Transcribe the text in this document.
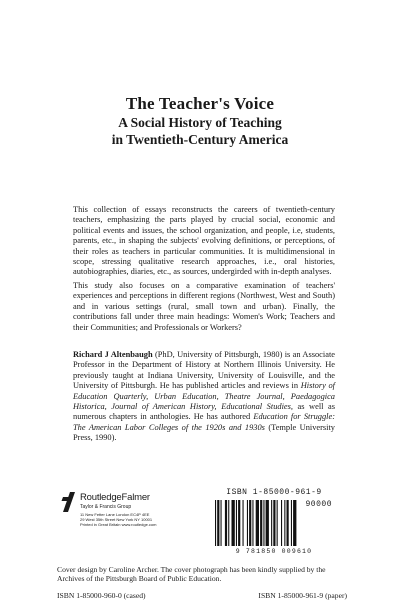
The Teacher's Voice
A Social History of Teaching
in Twentieth-Century America

This collection of essays reconstructs the careers of twentieth-century teachers, emphasizing the parts played by crucial social, economic and political events and issues, the school organization, and people, i.e, students, parents, etc., in shaping the subjects' evolving definitions, or perceptions, of their roles as teachers in particular communities. It is multidimensional in scope, stressing qualitative research approaches, i.e., oral histories, autobiographies, diaries, etc., as sources, undergirded with in-depth analyses.

This study also focuses on a comparative examination of teachers' experiences and perceptions in different regions (Northwest, West and South) and in various settings (rural, small town and urban). Finally, the contributions fall under three main headings: Women's Work; Teachers and their Communities; and Professionals or Workers?

Richard J Altenbaugh (PhD, University of Pittsburgh, 1980) is an Associate Professor in the Department of History at Northern Illinois University. He previously taught at Indiana University, University of Louisville, and the University of Pittsburgh. He has published articles and reviews in History of Education Quarterly, Urban Education, Theatre Journal, Paedagogica Historica, Journal of American History, Educational Studies, as well as numerous chapters in anthologies. He has authored Education for Struggle: The American Labor Colleges of the 1920s and 1930s (Temple University Press, 1990).

RoutledgeFalmer
Taylor & Francis Group
11 New Fetter Lane London EC4P 4EE
29 West 35th Street New York NY 10001
Printed in Great Britain www.routledge.com
ISBN 1-85000-961-9
90000
9 781850 009610

Cover design by Caroline Archer. The cover photograph has been kindly supplied by the Archives of the Pittsburgh Board of Public Education.

ISBN 1-85000-960-0 (cased)	ISBN 1-85000-961-9 (paper)
